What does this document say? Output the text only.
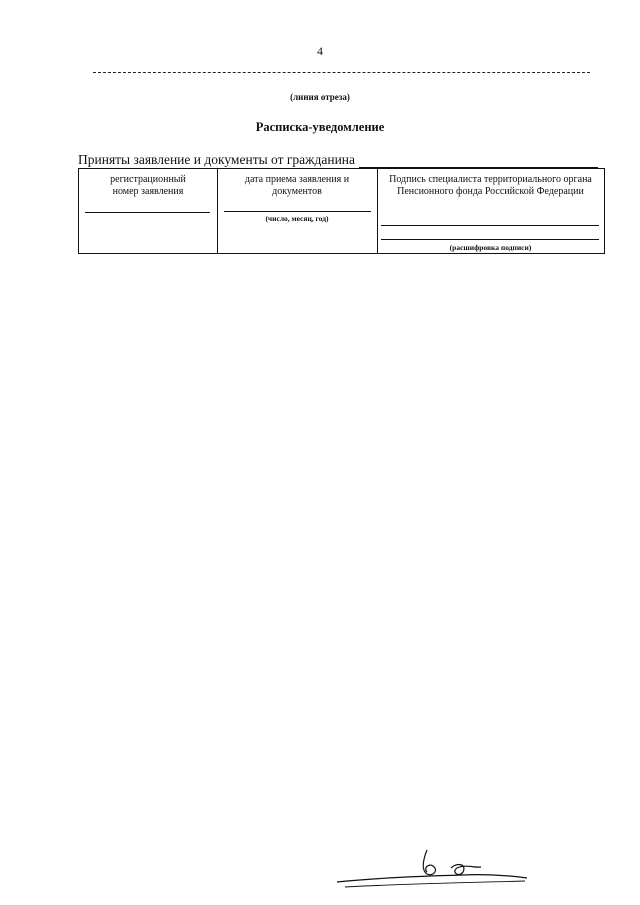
4
(линия отреза)
Расписка-уведомление
Приняты заявление и документы от гражданина
регистрационный номер заявления
дата приема заявления и документов
(число, месяц, год)
Подпись специалиста территориального органа Пенсионного фонда Российской Федерации
(расшифровка подписи)
